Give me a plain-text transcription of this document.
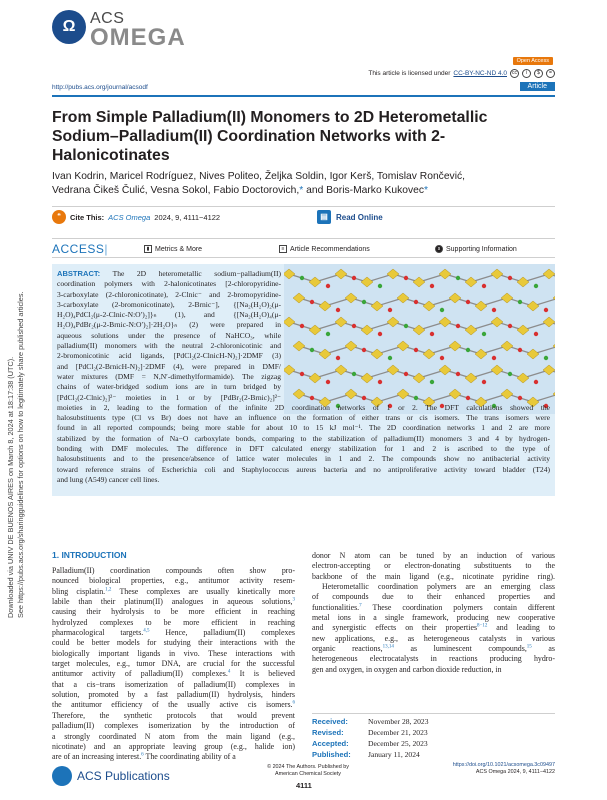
Downloaded via UNIV DE BUENOS AIRES on March 8, 2024 at 18:17:38 (UTC). See https://pubs.acs.org/sharingguidelines for options on how to legitimately share published articles.
Ω ACS
OMEGA
Open Access
This article is licensed under CC-BY-NC-ND 4.0	cc	i	$	=
http://pubs.acs.org/journal/acsodf	Article
From Simple Palladium(II) Monomers to 2D Heterometallic Sodium–Palladium(II) Coordination Networks with 2-Halonicotinates
Ivan Kodrin, Maricel Rodríguez, Nives Politeo, Željka Soldin, Igor Kerš, Tomislav Rončević,
Vedrana Čikeš Čulić, Vesna Sokol, Fabio Doctorovich,* and Boris-Marko Kukovec*
❝	Cite This: ACS Omega 2024, 9, 4111−4122	▤	Read Online
ACCESS|	▮ Metrics & More	≡ Article Recommendations	s Supporting Information
ABSTRACT: The 2D heterometallic sodium−palladium(II)
coordination polymers with 2-halonicotinates [2-chloropyridine-
3-carboxylate (2-chloronicotinate), 2-Clnic⁻ and 2-bromopyridine-
3-carboxylate (2-bromonicotinate), 2-Brnic⁻], {[Na₂(H₂O)₂(μ-
H₂O)₄PdCl₂(μ-2-Clnic-N:O′)₂]}ₙ (1), and {[Na₂(H₂O)₄(μ-
H₂O)₄PdBr₂(μ-2-Brnic-N:O′)₂]·2H₂O}ₙ (2) were prepared in
aqueous solutions under the presence of NaHCO₃, while
palladium(II) monomers with the neutral 2-chloronicotinic and
2-bromonicotinic acid ligands, [PdCl₂(2-ClnicH-N)₂]·2DMF (3)
and [PdCl₂(2-BrnicH-N)₂]·2DMF (4), were prepared in DMF/
water mixtures (DMF = N,N′-dimethylformamide). The zigzag
chains of water-bridged sodium ions are in turn bridged by
[PdCl₂(2-Clnic)₂]²⁻ moieties in 1 or by [PdBr₂(2-Brnic)₂]²⁻
moieties in 2, leading to the formation of the infinite 2D coordination networks of 1 or 2. The DFT calculations showed the
halosubstituents type (Cl vs Br) does not have an influence on the formation of either trans or cis isomers. The trans isomers were
found in all reported compounds; being more stable for about 10 to 15 kJ mol⁻¹. The 2D coordination networks 1 and 2 are more
stabilized by the formation of Na−O carboxylate bonds, comparing to the stabilization of palladium(II) monomers 3 and 4 by hydrogen-
bonding with DMF molecules. The difference in DFT calculated energy stabilization for 1 and 2 is ascribed to the type of
halosubstituents and to the presence/absence of lattice water molecules in 1 and 2. The compounds show no antibacterial activity
toward reference strains of Escherichia coli and Staphylococcus aureus bacteria and no antiproliferative activity toward bladder (T24)
and lung (A549) cancer cell lines.
1. INTRODUCTION
Palladium(II) coordination compounds often show pro-
nounced biological properties, e.g., antitumor activity resem-
bling cisplatin.$^{1,2}$ These complexes are usually kinetically more
labile than their platinum(II) analogues in aqueous solutions,$^3$
causing their hydrolysis to be more efficient in reaching
hydrolyzed complexes to be more efficient in reaching
pharmacological targets.$^{4,5}$ Hence, palladium(II) complexes
could be better models for studying their interactions with the
biologically important ligands in vivo. These interactions with
target molecules, e.g., tumor DNA, are crucial for the successful
antitumor activity of palladium(II) complexes.$^4$ It is believed
that a cis−trans isomerization of palladium(II) complexes in
solution, promoted by a fast palladium(II) hydrolysis, hinders
the antitumor efficiency of the usually active cis isomers.$^6$
Therefore, the synthetic protocols that would prevent
palladium(II) complexes isomerization by the introduction of
a strongly coordinated N atom from the main ligand (e.g.,
nicotinate) and an appropriate leaving group (e.g., halide ion)
are of an increasing interest.$^6$ The coordinating ability of a
donor N atom can be tuned by an induction of various
electron-accepting or electron-donating substituents to the
backbone of the main ligand (e.g., nicotinate pyridine ring).
Heterometallic coordination polymers are an emerging class
of compounds due to their enhanced properties and
functionalities.$^7$ These coordination polymers contain different
metal ions in a single framework, producing new cooperative
and synergistic effects on their properties$^{8-12}$ and leading to
new applications, e.g., as heterogeneous catalysts in various
organic reactions,$^{13,14}$ as luminescent compounds,$^{15}$ as
heterogeneous electrocatalysts in reactions producing hydro-
gen and oxygen, in oxygen and carbon dioxide reduction, in
Received:	November 28, 2023
Revised:	December 21, 2023
Accepted:	December 25, 2023
Published:	January 11, 2024
ACS Publications
© 2024 The Authors. Published by
American Chemical Society
4111
https://doi.org/10.1021/acsomega.3c09497
ACS Omega 2024, 9, 4111−4122
